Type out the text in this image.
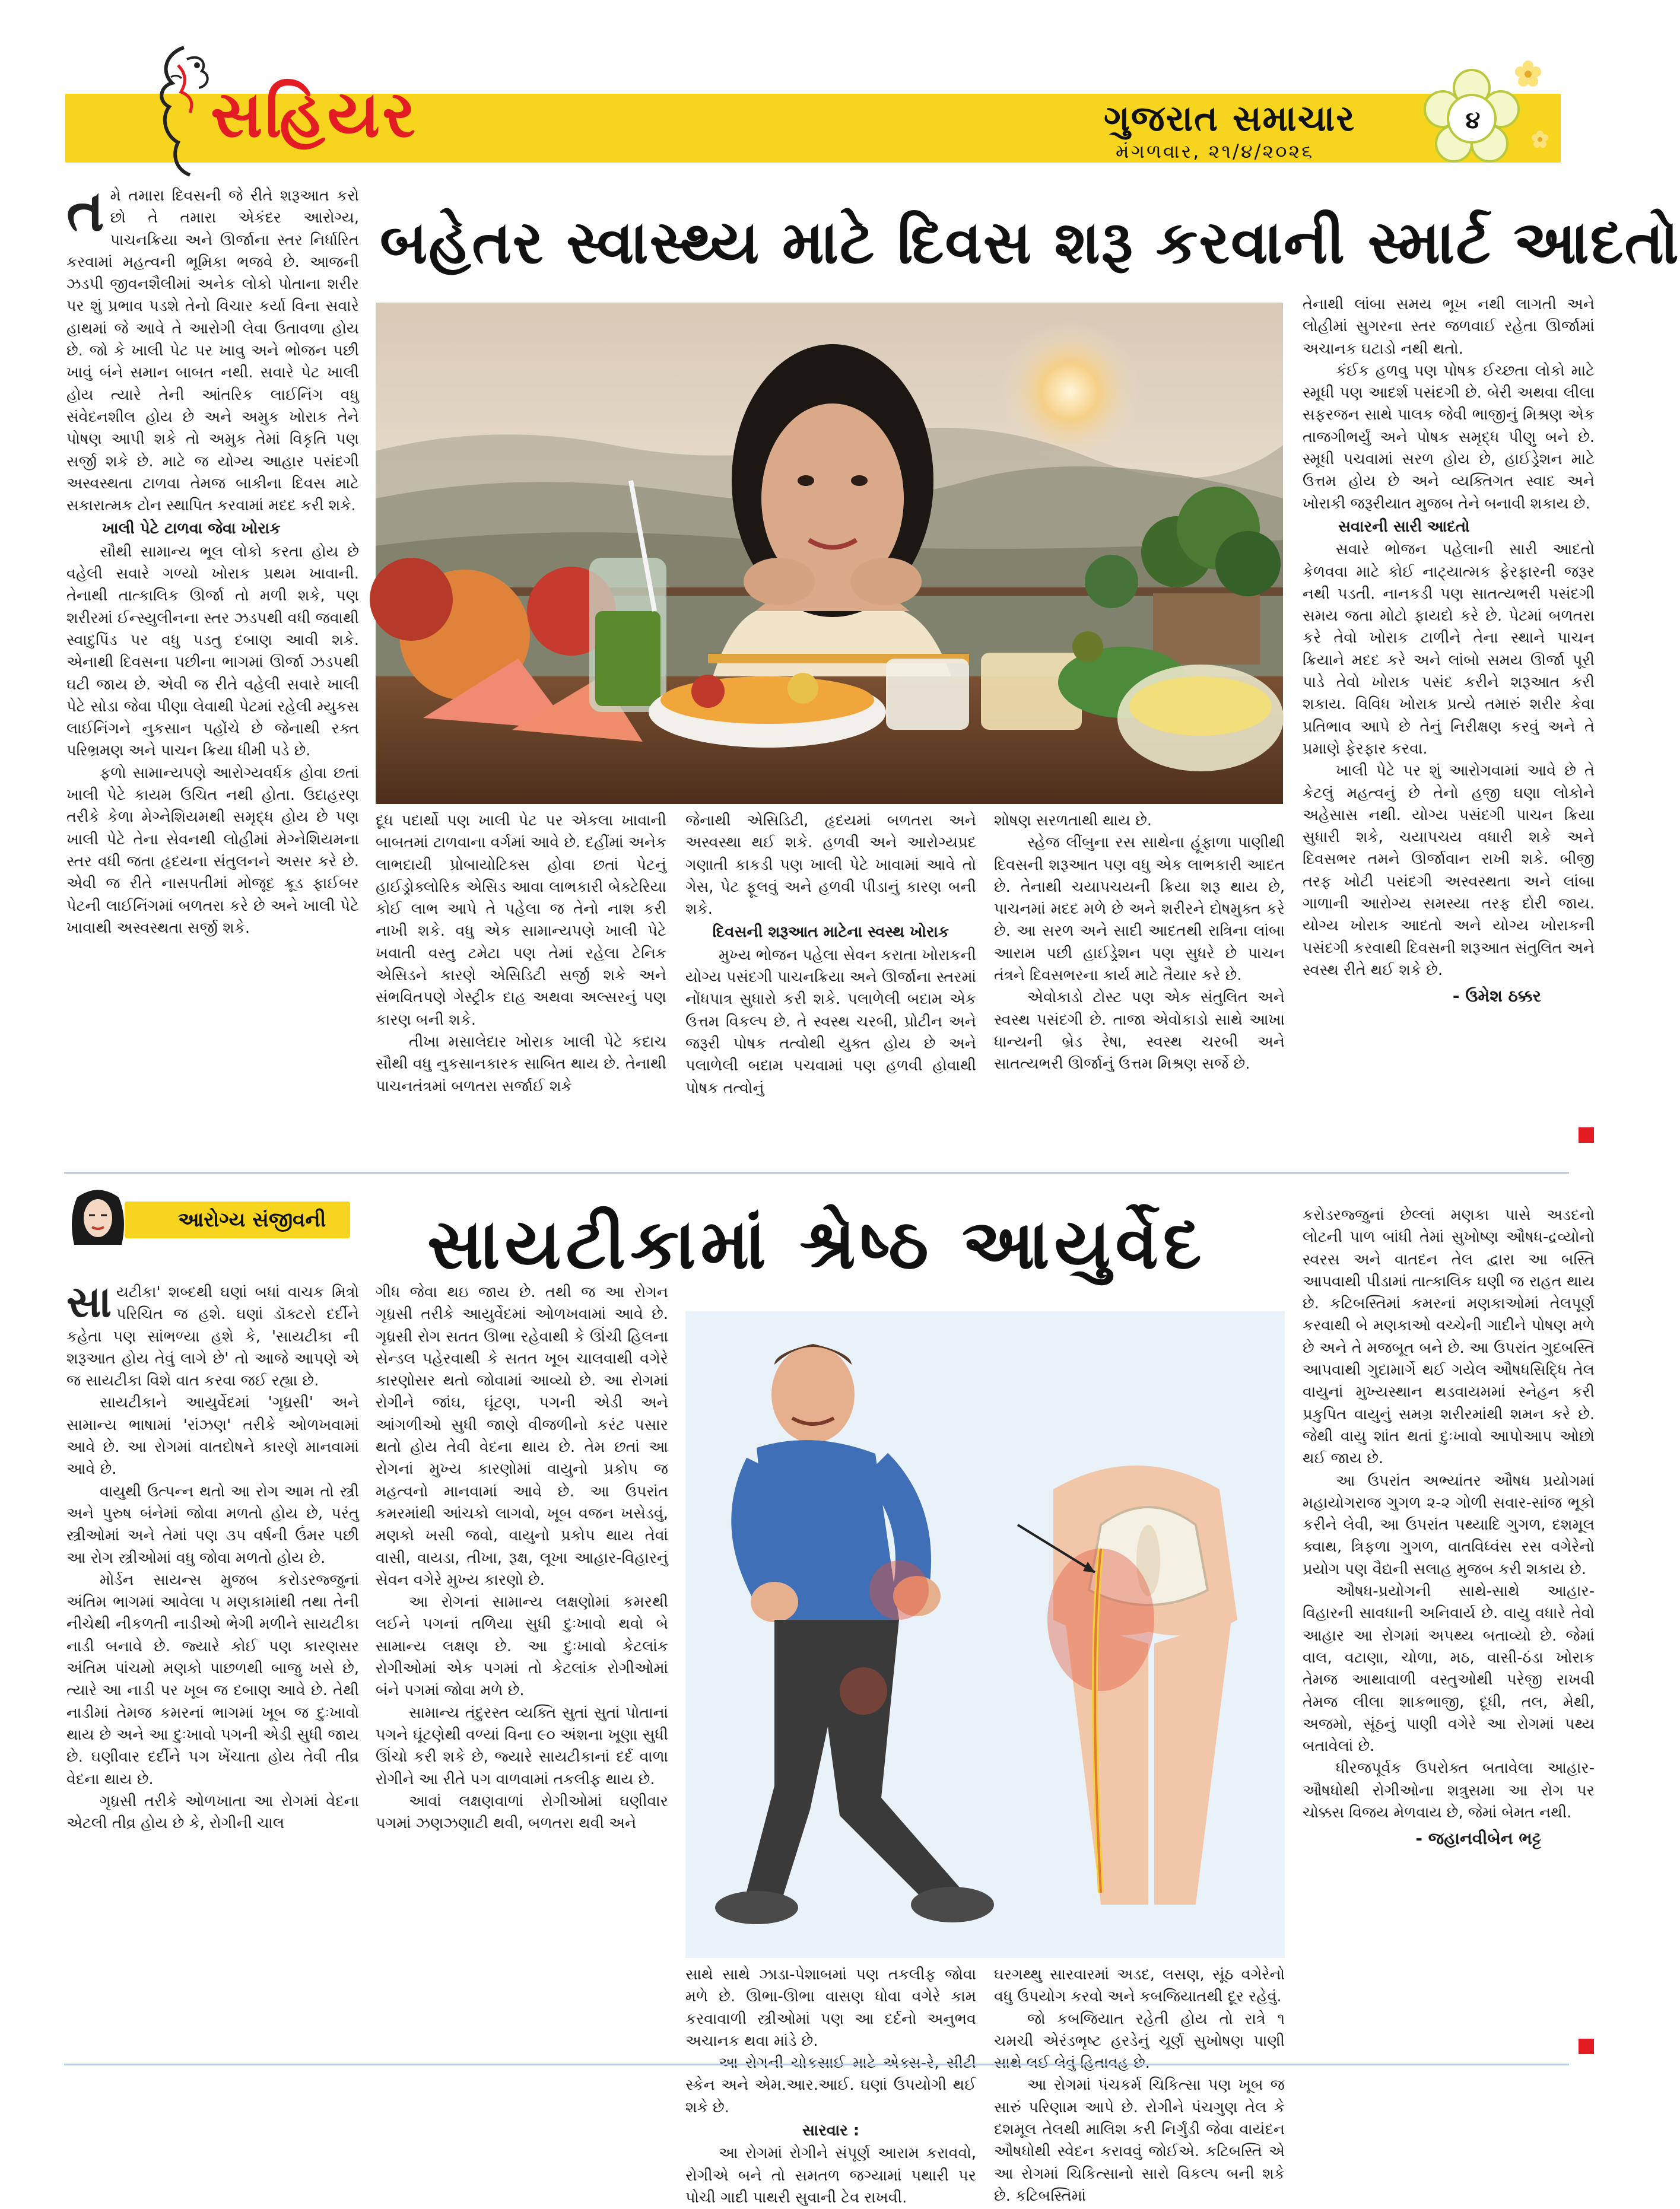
સહિયર	ગુજરાત સમાચાર
મંગળવાર, ૨૧/૪/૨૦૨૬
૪
બહેતર સ્વાસ્થ્ય માટે દિવસ શરૂ કરવાની સ્માર્ટ આદતો
ત મે તમારા દિવસની જે રીતે શરૂઆત કરો છો તે તમારા એકંદર આરોગ્ય, પાચનક્રિયા અને ઊર્જાના સ્તર નિર્ધારિત કરવામાં મહત્વની ભૂમિકા ભજવે છે. આજની ઝડપી જીવનશૈલીમાં અનેક લોકો પોતાના શરીર પર શું પ્રભાવ પડશે તેનો વિચાર કર્યા વિના સવારે હાથમાં જે આવે તે આરોગી લેવા ઉતાવળા હોય છે. જો કે ખાલી પેટ પર ખાવુ અને ભોજન પછી ખાવું બંને સમાન બાબત નથી. સવારે પેટ ખાલી હોય ત્યારે તેની આંતરિક લાઈનિંગ વધુ સંવેદનશીલ હોય છે અને અમુક ખોરાક તેને પોષણ આપી શકે તો અમુક તેમાં વિકૃતિ પણ સર્જી શકે છે. માટે જ યોગ્ય આહાર પસંદગી અસ્વસ્થતા ટાળવા તેમજ બાકીના દિવસ માટે સકારાત્મક ટોન સ્થાપિત કરવામાં મદદ કરી શકે.

ખાલી પેટે ટાળવા જેવા ખોરાક

સૌથી સામાન્ય ભૂલ લોકો કરતા હોય છે વહેલી સવારે ગળ્યો ખોરાક પ્રથમ ખાવાની. તેનાથી તાત્કાલિક ઊર્જા તો મળી શકે, પણ શરીરમાં ઈન્સ્યુલીનના સ્તર ઝડપથી વધી જવાથી સ્વાદુપિંડ પર વધુ પડતુ દબાણ આવી શકે. એનાથી દિવસના પછીના ભાગમાં ઊર્જા ઝડપથી ઘટી જાય છે. એવી જ રીતે વહેલી સવારે ખાલી પેટે સોડા જેવા પીણા લેવાથી પેટમાં રહેલી મ્યુકસ લાઈનિંગને નુકસાન પહોંચે છે જેનાથી રક્ત પરિભ્રમણ અને પાચન ક્રિયા ધીમી પડે છે.

ફળો સામાન્યપણે આરોગ્યવર્ધક હોવા છતાં ખાલી પેટે કાયમ ઉચિત નથી હોતા. ઉદાહરણ તરીકે કેળા મેગ્નેશિયમથી સમૃદ્ધ હોય છે પણ ખાલી પેટે તેના સેવનથી લોહીમાં મેગ્નેશિયમના સ્તર વધી જતા હૃદયના સંતુલનને અસર કરે છે. એવી જ રીતે નાસપતીમાં મોજૂદ ક્રૂડ ફાઈબર પેટની લાઈનિંગમાં બળતરા કરે છે અને ખાલી પેટે ખાવાથી અસ્વસ્થતા સર્જી શકે.

દૂધ પદાર્થો પણ ખાલી પેટ પર એકલા ખાવાની બાબતમાં ટાળવાના વર્ગમાં આવે છે. દહીંમાં અનેક લાભદાયી પ્રોબાયોટિક્સ હોવા છતાં પેટનું હાઈડ્રોક્લોરિક એસિડ આવા લાભકારી બેક્ટેરિયા કોઈ લાભ આપે તે પહેલા જ તેનો નાશ કરી નાખી શકે. વધુ એક સામાન્યપણે ખાલી પેટે ખવાતી વસ્તુ ટમેટા પણ તેમાં રહેલા ટેનિક એસિડને કારણે એસિડિટી સર્જી શકે અને સંભવિતપણે ગેસ્ટ્રીક દાહ અથવા અલ્સરનું પણ કારણ બની શકે.

તીખા મસાલેદાર ખોરાક ખાલી પેટે કદાચ સૌથી વધુ નુકસાનકારક સાબિત થાય છે. તેનાથી પાચનતંત્રમાં બળતરા સર્જાઈ શકે

જેનાથી એસિડિટી, હૃદયમાં બળતરા અને અસ્વસ્થા થઈ શકે. હળવી અને આરોગ્યપ્રદ ગણાતી કાકડી પણ ખાલી પેટે ખાવામાં આવે તો ગેસ, પેટ ફૂલવું અને હળવી પીડાનું કારણ બની શકે.

દિવસની શરૂઆત માટેના સ્વસ્થ ખોરાક

મુખ્ય ભોજન પહેલા સેવન કરાતા ખોરાકની યોગ્ય પસંદગી પાચનક્રિયા અને ઊર્જાના સ્તરમાં નોંધપાત્ર સુધારો કરી શકે. પલાળેલી બદામ એક ઉત્તમ વિકલ્પ છે. તે સ્વસ્થ ચરબી, પ્રોટીન અને જરૂરી પોષક તત્વોથી યુક્ત હોય છે અને પલાળેલી બદામ પચવામાં પણ હળવી હોવાથી પોષક તત્વોનું

શોષણ સરળતાથી થાય છે.

સ્હેજ લીંબુના રસ સાથેના હૂંફાળા પાણીથી દિવસની શરૂઆત પણ વધુ એક લાભકારી આદત છે. તેનાથી ચયાપચયની ક્રિયા શરૂ થાય છે, પાચનમાં મદદ મળે છે અને શરીરને દોષમુક્ત કરે છે. આ સરળ અને સાદી આદતથી રાત્રિના લાંબા આરામ પછી હાઈડ્રેશન પણ સુધરે છે પાચન તંત્રને દિવસભરના કાર્ય માટે તૈયાર કરે છે.

એવોકાડો ટોસ્ટ પણ એક સંતુલિત અને સ્વસ્થ પસંદગી છે. તાજા એવોકાડો સાથે આખા ધાન્યની બ્રેડ રેષા, સ્વસ્થ ચરબી અને સાતત્યભરી ઊર્જાનું ઉત્તમ મિશ્રણ સર્જે છે.

તેનાથી લાંબા સમય ભૂખ નથી લાગતી અને લોહીમાં સુગરના સ્તર જળવાઈ રહેતા ઊર્જામાં અચાનક ઘટાડો નથી થતો.

કંઈક હળવુ પણ પોષક ઈચ્છતા લોકો માટે સ્મૂધી પણ આદર્શ પસંદગી છે. બેરી અથવા લીલા સફરજન સાથે પાલક જેવી ભાજીનું મિશ્રણ એક તાજગીભર્યું અને પોષક સમૃદ્ધ પીણુ બને છે. સ્મૂધી પચવામાં સરળ હોય છે, હાઈડ્રેશન માટે ઉત્તમ હોય છે અને વ્યક્તિગત સ્વાદ અને ખોરાકી જરૂરીયાત મુજબ તેને બનાવી શકાય છે.

સવારની સારી આદતો

સવારે ભોજન પહેલાની સારી આદતો કેળવવા માટે કોઈ નાટ્યાત્મક ફેરફારની જરૂર નથી પડતી. નાનકડી પણ સાતત્યભરી પસંદગી સમય જતા મોટો ફાયદો કરે છે. પેટમાં બળતરા કરે તેવો ખોરાક ટાળીને તેના સ્થાને પાચન ક્રિયાને મદદ કરે અને લાંબો સમય ઊર્જા પૂરી પાડે તેવો ખોરાક પસંદ કરીને શરૂઆત કરી શકાય. વિવિધ ખોરાક પ્રત્યે તમારું શરીર કેવા પ્રતિભાવ આપે છે તેનું નિરીક્ષણ કરવું અને તે પ્રમાણે ફેરફાર કરવા.

ખાલી પેટે પર શું આરોગવામાં આવે છે તે કેટલું મહત્વનું છે તેનો હજી ઘણા લોકોને અહેસાસ નથી. યોગ્ય પસંદગી પાચન ક્રિયા સુધારી શકે, ચયાપચય વધારી શકે અને દિવસભર તમને ઊર્જાવાન રાખી શકે. બીજી તરફ ખોટી પસંદગી અસ્વસ્થતા અને લાંબા ગાળાની આરોગ્ય સમસ્યા તરફ દોરી જાય. યોગ્ય ખોરાક આદતો અને યોગ્ય ખોરાકની પસંદગી કરવાથી દિવસની શરૂઆત સંતુલિત અને સ્વસ્થ રીતે થઈ શકે છે.

- ઉમેશ ઠક્કર
આરોગ્ય સંજીવની સાયટીકામાં શ્રેષ્ઠ આયુર્વેદ
સા યટીકા' શબ્દથી ઘણાં બધાં વાચક મિત્રો પરિચિત જ હશે. ઘણાં ડૉક્ટરો દર્દીને કહેતા પણ સાંભળ્યા હશે કે, 'સાયટીકા ની શરૂઆત હોય તેવું લાગે છે' તો આજે આપણે એ જ સાયટીકા વિશે વાત કરવા જઈ રહ્યા છે.

સાયટીકાને આયુર્વેદમાં 'ગૃધ્રસી' અને સામાન્ય ભાષામાં 'રાંઝણ' તરીકે ઓળખવામાં આવે છે. આ રોગમાં વાતદોષને કારણે માનવામાં આવે છે.

વાયુથી ઉત્પન્ન થતો આ રોગ આમ તો સ્ત્રી અને પુરુષ બંનેમાં જોવા મળતો હોય છે, પરંતુ સ્ત્રીઓમાં અને તેમાં પણ ૩૫ વર્ષની ઉંમર પછી આ રોગ સ્ત્રીઓમાં વધુ જોવા મળતો હોય છે.

મોર્ડન સાયન્સ મુજબ કરોડરજ્જુનાં અંતિમ ભાગમાં આવેલા ૫ મણકામાંથી તથા તેની નીચેથી નીકળતી નાડીઓ ભેગી મળીને સાયટીકા નાડી બનાવે છે. જ્યારે કોઈ પણ કારણસર અંતિમ પાંચમો મણકો પાછળથી બાજુ ખસે છે, ત્યારે આ નાડી પર ખૂબ જ દબાણ આવે છે. તેથી નાડીમાં તેમજ કમરનાં ભાગમાં ખૂબ જ દુઃખાવો થાય છે અને આ દુઃખાવો પગની એડી સુધી જાય છે. ઘણીવાર દર્દીને પગ ખેંચાતા હોય તેવી તીવ્ર વેદના થાય છે.

ગૃધ્રસી તરીકે ઓળખાતા આ રોગમાં વેદના એટલી તીવ્ર હોય છે કે, રોગીની ચાલ

ગીધ જેવા થઇ જાય છે. તથી જ આ રોગન ગૃધ્રસી તરીકે આયુર્વેદમાં ઓળખવામાં આવે છે. ગૃધ્રસી રોગ સતત ઊભા રહેવાથી કે ઊંચી હિલના સેન્ડલ પહેરવાથી કે સતત ખૂબ ચાલવાથી વગેરે કારણોસર થતો જોવામાં આવ્યો છે. આ રોગમાં રોગીને જાંઘ, ઘૂંટણ, પગની એડી અને આંગળીઓ સુધી જાણે વીજળીનો કરંટ પસાર થતો હોય તેવી વેદના થાય છે. તેમ છતાં આ રોગનાં મુખ્ય કારણોમાં વાયુનો પ્રકોપ જ મહત્વનો માનવામાં આવે છે. આ ઉપરાંત કમરમાંથી આંચકો લાગવો, ખૂબ વજન ખસેડવું, મણકો ખસી જવો, વાયુનો પ્રકોપ થાય તેવાં વાસી, વાયડા, તીખા, રૂક્ષ, લૂખા આહાર-વિહારનું સેવન વગેરે મુખ્ય કારણો છે.

આ રોગનાં સામાન્ય લક્ષણોમાં કમરથી લઈને પગનાં તળિયા સુધી દુઃખાવો થવો બે સામાન્ય લક્ષણ છે. આ દુઃખાવો કેટલાંક રોગીઓમાં એક પગમાં તો કેટલાંક રોગીઓમાં બંને પગમાં જોવા મળે છે.

સામાન્ય તંદુરસ્ત વ્યક્તિ સુતાં સુતાં પોતાનાં પગને ઘૂંટણેથી વળ્યાં વિના ૯૦ અંશના ખૂણા સુધી ઊંચો કરી શકે છે, જ્યારે સાયટીકાનાં દર્દ વાળા રોગીને આ રીતે પગ વાળવામાં તકલીફ થાય છે.

આવાં લક્ષણવાળાં રોગીઓમાં ઘણીવાર પગમાં ઝણઝણાટી થવી, બળતરા થવી અને

સાથે સાથે ઝાડા-પેશાબમાં પણ તકલીફ જોવા મળે છે. ઊભા-ઊભા વાસણ ધોવા વગેરે કામ કરવાવાળી સ્ત્રીઓમાં પણ આ દર્દનો અનુભવ અચાનક થવા માંડે છે.

સ્કેન અને એમ.આર.આઈ. ઘણાં ઉપયોગી થઈ શકે છે.

સારવાર :

આ રોગમાં રોગીને સંપૂર્ણ આરામ કરાવવો, રોગીએ બને તો સમતળ જગ્યામાં પથારી પર પોચી ગાદી પાથરી સુવાની ટેવ રાખવી.

ઘરગથ્થુ સારવારમાં અડદ, લસણ, સૂંઠ વગેરેનો વધુ ઉપયોગ કરવો અને કબજિયાતથી દૂર રહેવું.

જો કબજિયાત રહેતી હોય તો રાત્રે ૧ ચમચી એરંડભૃષ્ટ હરડેનું ચૂર્ણ સુખોષણ પાણી

આ રોગમાં પંચકર્મ ચિકિત્સા પણ ખૂબ જ સારું પરિણામ આપે છે. રોગીને પંચગુણ તેલ કે દશમૂલ તેલથી માલિશ કરી નિર્ગુંડી જેવા વાયંદન ઔષધોથી સ્વેદન કરાવવું જોઈએ. કટિબસ્તિ એ આ રોગમાં ચિકિત્સાનો સારો વિકલ્પ બની શકે છે. કટિબસ્તિમાં

કરોડરજ્જુનાં છેલ્લાં મણકા પાસે અડદનો લોટની પાળ બાંધી તેમાં સુખોષ્ણ ઔષધ-દ્રવ્યોનો સ્વરસ અને વાતદન તેલ દ્વારા આ બસ્તિ આપવાથી પીડામાં તાત્કાલિક ઘણી જ રાહત થાય છે. કટિબસ્તિમાં કમરનાં મણકાઓમાં તેલપૂર્ણ કરવાથી બે મણકાઓ વચ્ચેની ગાદીને પોષણ મળે છે અને તે મજબૂત બને છે. આ ઉપરાંત ગુદબસ્તિ આપવાથી ગુદામાર્ગે થઈ ગયેલ ઔષધસિદ્ધિ તેલ વાયુનાં મુખ્યસ્થાન થડવાયમમાં સ્નેહન કરી પ્રકુપિત વાયુનું સમગ્ર શરીરમાંથી શમન કરે છે. જેથી વાયુ શાંત થતાં દુઃખાવો આપોઆપ ઓછો થઈ જાય છે.

આ ઉપરાંત અભ્યાંતર ઔષધ પ્રયોગમાં મહાયોગરાજ ગુગળ ૨-૨ ગોળી સવાર-સાંજ ભૂકો કરીને લેવી, આ ઉપરાંત પથ્યાદિ ગુગળ, દશમૂલ ક્વાથ, ત્રિફળા ગુગળ, વાતવિધ્વંસ રસ વગેરેનો પ્રયોગ પણ વૈદ્યની સલાહ મુજબ કરી શકાય છે.

ઔષધ-પ્રયોગની સાથે-સાથે આહાર-વિહારની સાવધાની અનિવાર્ય છે. વાયુ વધારે તેવો આહાર આ રોગમાં અપથ્ય બતાવ્યો છે. જેમાં વાલ, વટાણા, ચોળા, મઠ, વાસી-ઠંડા ખોરાક તેમજ આથાવાળી વસ્તુઓથી પરેજી રાખવી તેમજ લીલા શાકભાજી, દૂધી, તલ, મેથી, અજમો, સૂંઠનું પાણી વગેરે આ રોગમાં પથ્ય બતાવેલાં છે.

ધીરજપૂર્વક ઉપરોક્ત બતાવેલા આહાર-ઔષધોથી રોગીઓના શત્રુસમા આ રોગ પર ચોક્કસ વિજય મેળવાય છે, જેમાં બેમત નથી.

- જહાનવીબેન ભટ્ટ
